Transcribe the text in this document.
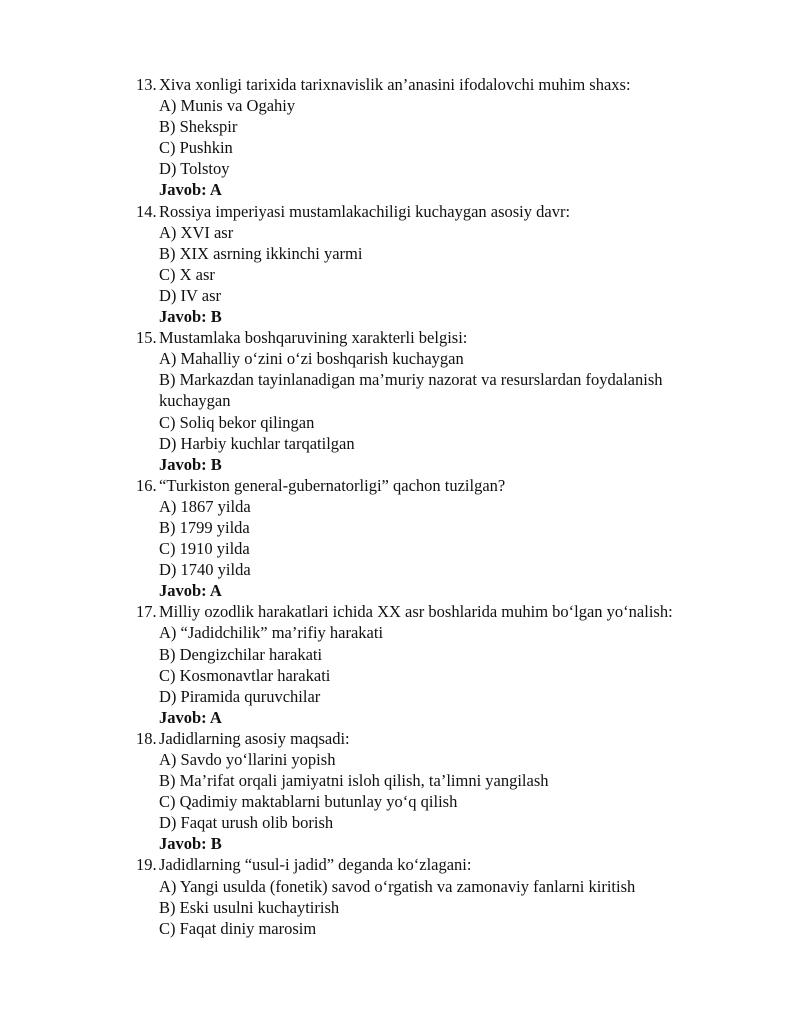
13. Xiva xonligi tarixida tarixnavislik an’anasini ifodalovchi muhim shaxs:
A) Munis va Ogahiy
B) Shekspir
C) Pushkin
D) Tolstoy
Javob: A
14. Rossiya imperiyasi mustamlakachiligi kuchaygan asosiy davr:
A) XVI asr
B) XIX asrning ikkinchi yarmi
C) X asr
D) IV asr
Javob: B
15. Mustamlaka boshqaruvining xarakterli belgisi:
A) Mahalliy o‘zini o‘zi boshqarish kuchaygan
B) Markazdan tayinlanadigan ma’muriy nazorat va resurslardan foydalanish kuchaygan
C) Soliq bekor qilingan
D) Harbiy kuchlar tarqatilgan
Javob: B
16. “Turkiston general-gubernatorligi” qachon tuzilgan?
A) 1867 yilda
B) 1799 yilda
C) 1910 yilda
D) 1740 yilda
Javob: A
17. Milliy ozodlik harakatlari ichida XX asr boshlarida muhim bo‘lgan yo‘nalish:
A) “Jadidchilik” ma’rifiy harakati
B) Dengizchilar harakati
C) Kosmonavtlar harakati
D) Piramida quruvchilar
Javob: A
18. Jadidlarning asosiy maqsadi:
A) Savdo yo‘llarini yopish
B) Ma’rifat orqali jamiyatni isloh qilish, ta’limni yangilash
C) Qadimiy maktablarni butunlay yo‘q qilish
D) Faqat urush olib borish
Javob: B
19. Jadidlarning “usul-i jadid” deganda ko‘zlagani:
A) Yangi usulda (fonetik) savod o‘rgatish va zamonaviy fanlarni kiritish
B) Eski usulni kuchaytirish
C) Faqat diniy marosim
